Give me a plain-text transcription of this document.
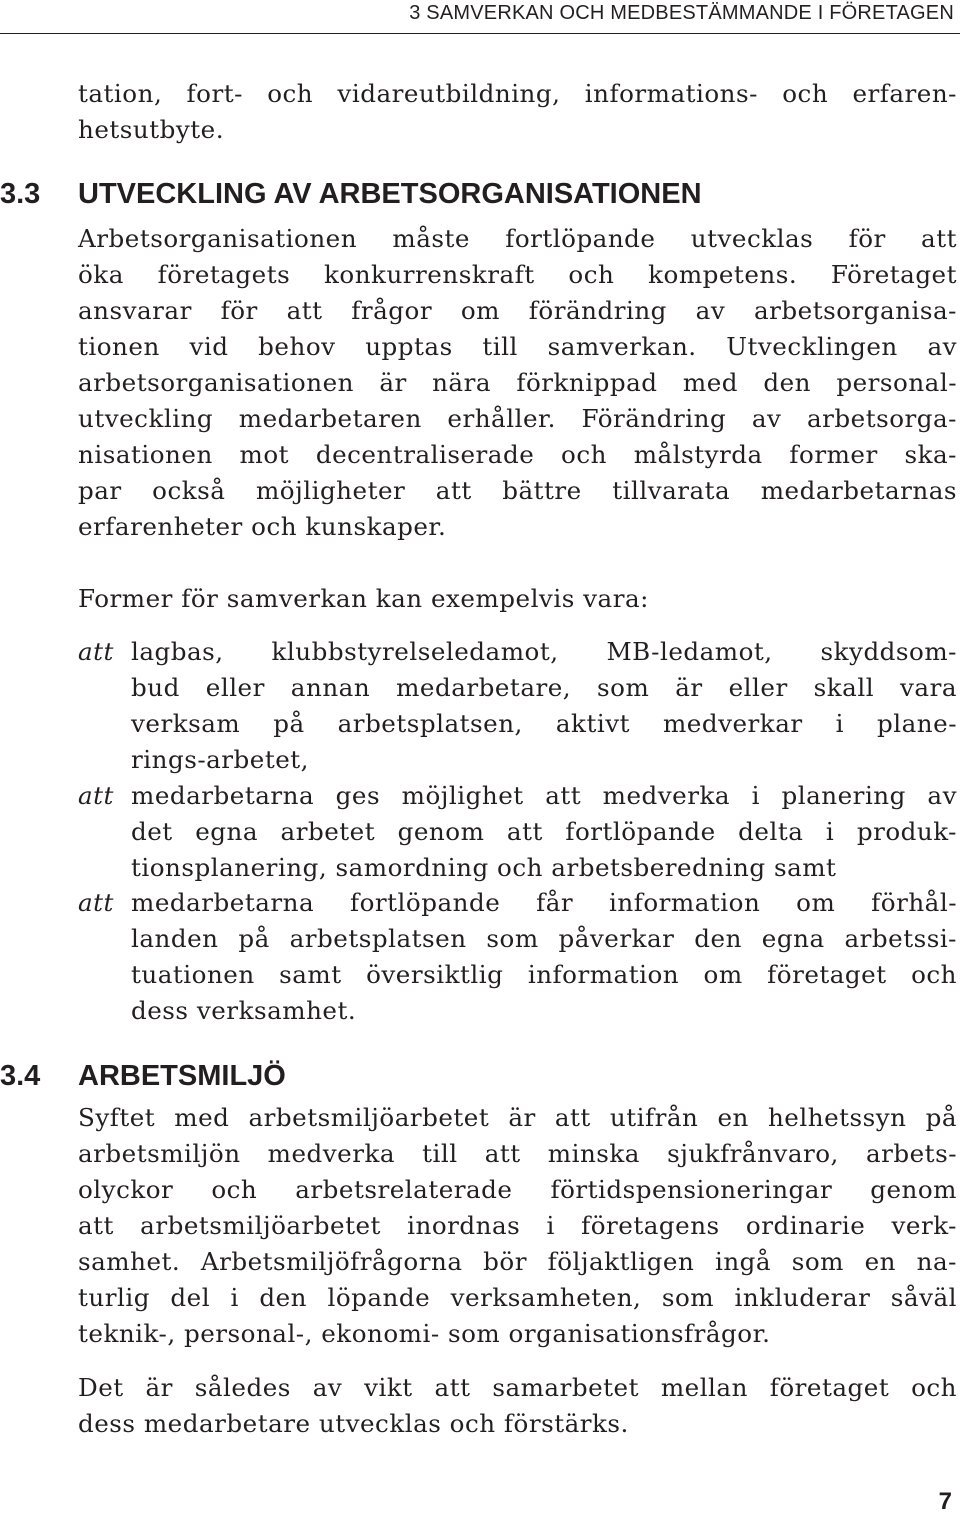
3 SAMVERKAN OCH MEDBESTÄMMANDE I FÖRETAGEN
tation, fort- och vidareutbildning, informations- och erfaren-
hetsutbyte.
3.3	UTVECKLING AV ARBETSORGANISATIONEN
Arbetsorganisationen måste fortlöpande utvecklas för att
öka företagets konkurrenskraft och kompetens. Företaget
ansvarar för att frågor om förändring av arbetsorganisa-
tionen vid behov upptas till samverkan. Utvecklingen av
arbetsorganisationen är nära förknippad med den personal-
utveckling medarbetaren erhåller. Förändring av arbetsorga-
nisationen mot decentraliserade och målstyrda former ska-
par också möjligheter att bättre tillvarata medarbetarnas
erfarenheter och kunskaper.
Former för samverkan kan exempelvis vara:
att lagbas, klubbstyrelseledamot, MB-ledamot, skyddsom-
bud eller annan medarbetare, som är eller skall vara
verksam på arbetsplatsen, aktivt medverkar i plane-
rings-arbetet,
att medarbetarna ges möjlighet att medverka i planering av
det egna arbetet genom att fortlöpande delta i produk-
tionsplanering, samordning och arbetsberedning samt
att medarbetarna fortlöpande får information om förhål-
landen på arbetsplatsen som påverkar den egna arbetssi-
tuationen samt översiktlig information om företaget och
dess verksamhet.
3.4	ARBETSMILJÖ
Syftet med arbetsmiljöarbetet är att utifrån en helhetssyn på
arbetsmiljön medverka till att minska sjukfrånvaro, arbets-
olyckor och arbetsrelaterade förtidspensioneringar genom
att arbetsmiljöarbetet inordnas i företagens ordinarie verk-
samhet. Arbetsmiljöfrågorna bör följaktligen ingå som en na-
turlig del i den löpande verksamheten, som inkluderar såväl
teknik-, personal-, ekonomi- som organisationsfrågor.
Det är således av vikt att samarbetet mellan företaget och
dess medarbetare utvecklas och förstärks.
7
